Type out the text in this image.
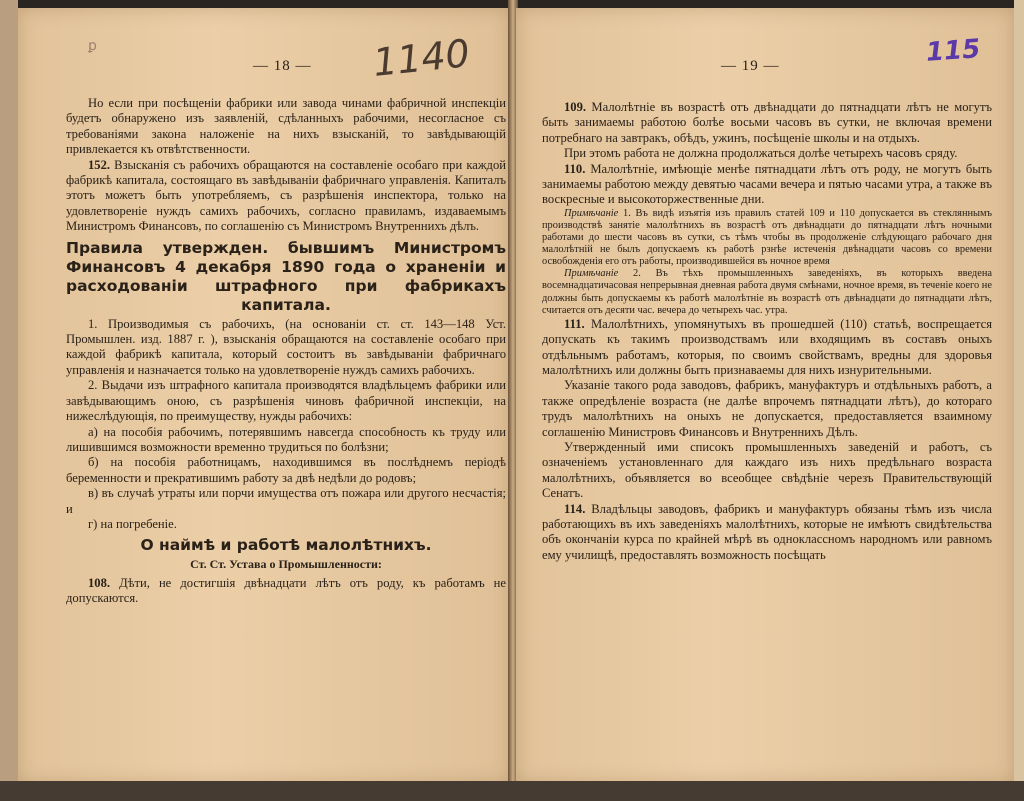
ꝑ
— 18 — 1140

Но если при посѣщеніи фабрики или завода чинами фабричной инспекціи будетъ обнаружено изъ заявленій, сдѣланныхъ рабочими, несогласное съ требованіями закона наложеніе на нихъ взысканій, то завѣдывающій привлекается къ отвѣтственности.

152. Взысканія съ рабочихъ обращаются на составленіе особаго при каждой фабрикѣ капитала, состоящаго въ завѣдываніи фабричнаго управленія. Капиталъ этотъ можетъ быть употребляемъ, съ разрѣшенія инспектора, только на удовлетвореніе нуждъ самихъ рабочихъ, согласно правиламъ, издаваемымъ Министромъ Финансовъ, по соглашенію съ Министромъ Внутреннихъ дѣлъ.

Правила утвержден. бывшимъ Министромъ Финансовъ 4 декабря 1890 года о храненіи и расходованіи штрафного при фабрикахъ капитала.

1. Производимыя съ рабочихъ, (на основаніи ст. ст. 143—148 Уст. Промышлен. изд. 1887 г. ), взысканія обращаются на составленіе особаго при каждой фабрикѣ капитала, который состоитъ въ завѣдываніи фабричнаго управленія и назначается только на удовлетвореніе нуждъ самихъ рабочихъ.

2. Выдачи изъ штрафного капитала производятся владѣльцемъ фабрики или завѣдывающимъ оною, съ разрѣшенія чиновъ фабричной инспекціи, на нижеслѣдующія, по преимуществу, нужды рабочихъ:

а) на пособія рабочимъ, потерявшимъ навсегда способность къ труду или лишившимся возможности временно трудиться по болѣзни;

б) на пособія работницамъ, находившимся въ послѣднемъ періодѣ беременности и прекратившимъ работу за двѣ недѣли до родовъ;

в) въ случаѣ утраты или порчи имущества отъ пожара или другого несчастія; и

г) на погребеніе.

О наймѣ и работѣ малолѣтнихъ.
Ст. Ст. Устава о Промышленности:

108. Дѣти, не достигшія двѣнадцати лѣтъ отъ роду, къ работамъ не допускаются.

— 19 —	115

109. Малолѣтніе въ возрастѣ отъ двѣнадцати до пятнадцати лѣтъ не могутъ быть занимаемы работою болѣе восьми часовъ въ сутки, не включая времени потребнаго на завтракъ, обѣдъ, ужинъ, посѣщеніе школы и на отдыхъ.

При этомъ работа не должна продолжаться долѣе четырехъ часовъ сряду.

110. Малолѣтніе, имѣющіе менѣе пятнадцати лѣтъ отъ роду, не могутъ быть занимаемы работою между девятью часами вечера и пятью часами утра, а также въ воскресные и высокоторжественные дни.

Примѣчаніе 1. Въ видѣ изъятія изъ правилъ статей 109 и 110 допускается въ стекляннымъ производствѣ занятіе малолѣтнихъ въ возрастѣ отъ двѣнадцати до пятнадцати лѣтъ ночными работами до шести часовъ въ сутки, съ тѣмъ чтобы въ продолженіе слѣдующаго рабочаго дня малолѣтній не былъ допускаемъ къ работѣ рзнѣе истеченія двѣнадцати часовъ со времени освобожденія его отъ работы, производившейся въ ночное время

Примѣчаніе 2. Въ тѣхъ промышленныхъ заведеніяхъ, въ которыхъ введена восемнадцатичасовая непрерывная дневная работа двумя смѣнами, ночное время, въ теченіе коего не должны быть допускаемы къ работѣ малолѣтніе въ возрастѣ отъ двѣнадцати до пятнадцати лѣтъ, считается отъ десяти час. вечера до четырехъ час. утра.

111. Малолѣтнихъ, упомянутыхъ въ прошедшей (110) статьѣ, воспрещается допускать къ такимъ производствамъ или входящимъ въ составъ оныхъ отдѣльнымъ работамъ, которыя, по своимъ свойствамъ, вредны для здоровья малолѣтнихъ или должны быть признаваемы для нихъ изнурительными.

Указаніе такого рода заводовъ, фабрикъ, мануфактуръ и отдѣльныхъ работъ, а также опредѣленіе возраста (не далѣе впрочемъ пятнадцати лѣтъ), до котораго трудъ малолѣтнихъ на оныхъ не допускается, предоставляется взаимному соглашенію Министровъ Финансовъ и Внутреннихъ Дѣлъ.

Утвержденный ими списокъ промышленныхъ заведеній и работъ, съ означеніемъ установленнаго для каждаго изъ нихъ предѣльнаго возраста малолѣтнихъ, объявляется во всеобщее свѣдѣніе черезъ Правительствующій Сенатъ.

114. Владѣльцы заводовъ, фабрикъ и мануфактуръ обязаны тѣмъ изъ числа работающихъ въ ихъ заведеніяхъ малолѣтнихъ, которые не имѣютъ свидѣтельства объ окончаніи курса по крайней мѣрѣ въ одноклассномъ народномъ или равномъ ему училищѣ, предоставлять возможность посѣщать
